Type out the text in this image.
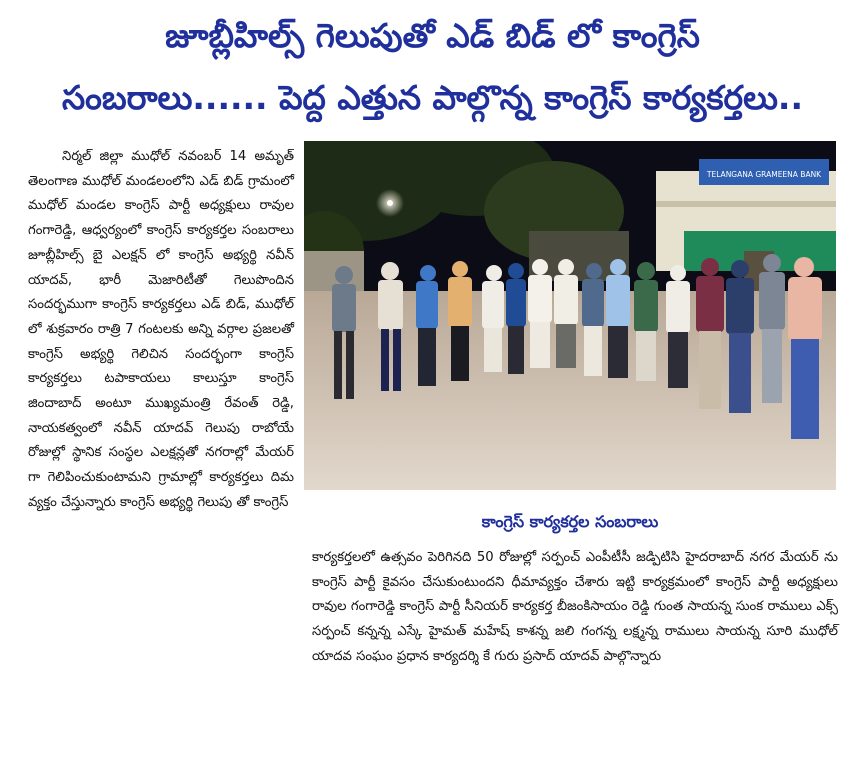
జూబ్లీహిల్స్ గెలుపుతో ఎడ్ బిడ్ లో కాంగ్రెస్
సంబరాలు...... పెద్ద ఎత్తున పాల్గొన్న కాంగ్రెస్ కార్యకర్తలు..

నిర్మల్ జిల్లా ముధోల్ నవంబర్ 14 అమృత్ తెలంగాణ ముధోల్ మండలంలోని ఎడ్ బిడ్ గ్రామంలో ముధోల్ మండల కాంగ్రెస్ పార్టీ అధ్యక్షులు రావుల గంగారెడ్డి, ఆధ్వర్యంలో కాంగ్రెస్ కార్యకర్తల సంబరాలు జూబ్లీహిల్స్ బై ఎలక్షన్ లో కాంగ్రెస్ అభ్యర్థి నవీన్ యాదవ్, భారీ మెజారిటీతో గెలుపొందిన సందర్భముగా కాంగ్రెస్ కార్యకర్తలు ఎడ్ బిడ్, ముధోల్ లో శుక్రవారం రాత్రి 7 గంటలకు అన్ని వర్గాల ప్రజలతో కాంగ్రెస్ అభ్యర్థి గెలిచిన సందర్భంగా కాంగ్రెస్ కార్యకర్తలు టపాకాయలు కాలుస్తూ కాంగ్రెస్ జిందాబాద్ అంటూ ముఖ్యమంత్రి రేవంత్ రెడ్డి, నాయకత్వంలో నవీన్ యాదవ్ గెలుపు రాబోయే రోజుల్లో స్థానిక సంస్థల ఎలక్షన్లతో నగరాల్లో మేయర్ గా గెలిపించుకుంటామని గ్రామాల్లో కార్యకర్తలు దిమ వ్యక్తం చేస్తున్నారు కాంగ్రెస్ అభ్యర్థి గెలుపు తో కాంగ్రెస్

TELANGANA GRAMEENA BANK
కాంగ్రెస్ కార్యకర్తల సంబరాలు

కార్యకర్తలలో ఉత్సవం పెరిగినది 50 రోజుల్లో సర్పంచ్ ఎంపీటీసీ జడ్పిటిసి హైదరాబాద్ నగర మేయర్ ను కాంగ్రెస్ పార్టీ కైవసం చేసుకుంటుందని ధీమావ్యక్తం చేశారు ఇట్టి కార్యక్రమంలో కాంగ్రెస్ పార్టీ అధ్యక్షులు రావుల గంగారెడ్డి కాంగ్రెస్ పార్టీ సీనియర్ కార్యకర్త బీజంకిసాయం రెడ్డి గుంత సాయన్న సుంక రాములు ఎక్స్ సర్పంచ్ కన్నన్న ఎస్కే హైమత్ మహేష్ కాశన్న జలి గంగన్న లక్ష్మన్న రాములు సాయన్న సూరి ముధోల్ యాదవ సంఘం ప్రధాన కార్యదర్శి కే గురు ప్రసాద్ యాదవ్ పాల్గొన్నారు
